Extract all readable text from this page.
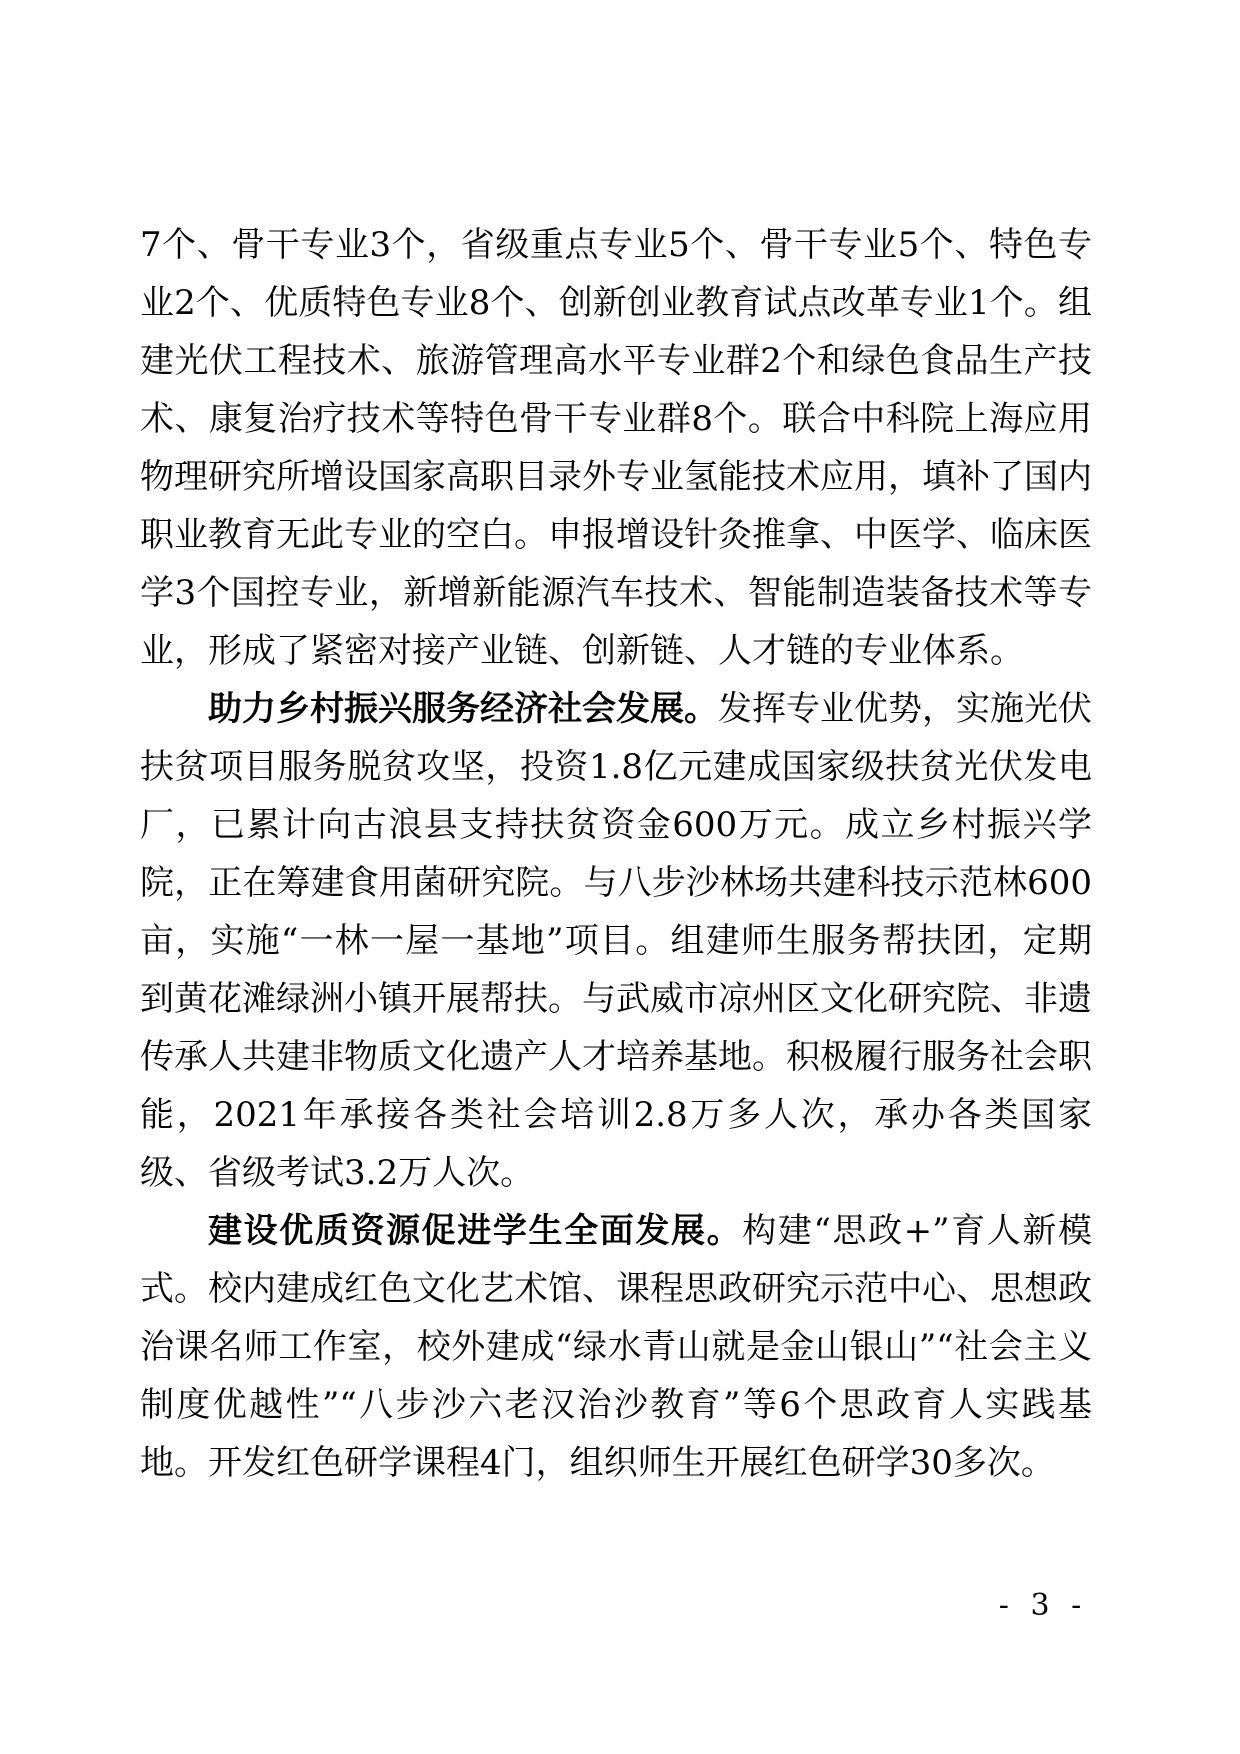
7个、骨干专业3个，省级重点专业5个、骨干专业5个、特色专业2个、优质特色专业8个、创新创业教育试点改革专业1个。组建光伏工程技术、旅游管理高水平专业群2个和绿色食品生产技术、康复治疗技术等特色骨干专业群8个。联合中科院上海应用物理研究所增设国家高职目录外专业氢能技术应用，填补了国内职业教育无此专业的空白。申报增设针灸推拿、中医学、临床医学3个国控专业，新增新能源汽车技术、智能制造装备技术等专业，形成了紧密对接产业链、创新链、人才链的专业体系。

助力乡村振兴服务经济社会发展。发挥专业优势，实施光伏扶贫项目服务脱贫攻坚，投资1.8亿元建成国家级扶贫光伏发电厂，已累计向古浪县支持扶贫资金600万元。成立乡村振兴学院，正在筹建食用菌研究院。与八步沙林场共建科技示范林600亩，实施“一林一屋一基地”项目。组建师生服务帮扶团，定期到黄花滩绿洲小镇开展帮扶。与武威市凉州区文化研究院、非遗传承人共建非物质文化遗产人才培养基地。积极履行服务社会职能，2021年承接各类社会培训2.8万多人次，承办各类国家级、省级考试3.2万人次。

建设优质资源促进学生全面发展。构建“思政+”育人新模式。校内建成红色文化艺术馆、课程思政研究示范中心、思想政治课名师工作室，校外建成“绿水青山就是金山银山”“社会主义制度优越性”“八步沙六老汉治沙教育”等6个思政育人实践基地。开发红色研学课程4门，组织师生开展红色研学30多次。

- 3 -
